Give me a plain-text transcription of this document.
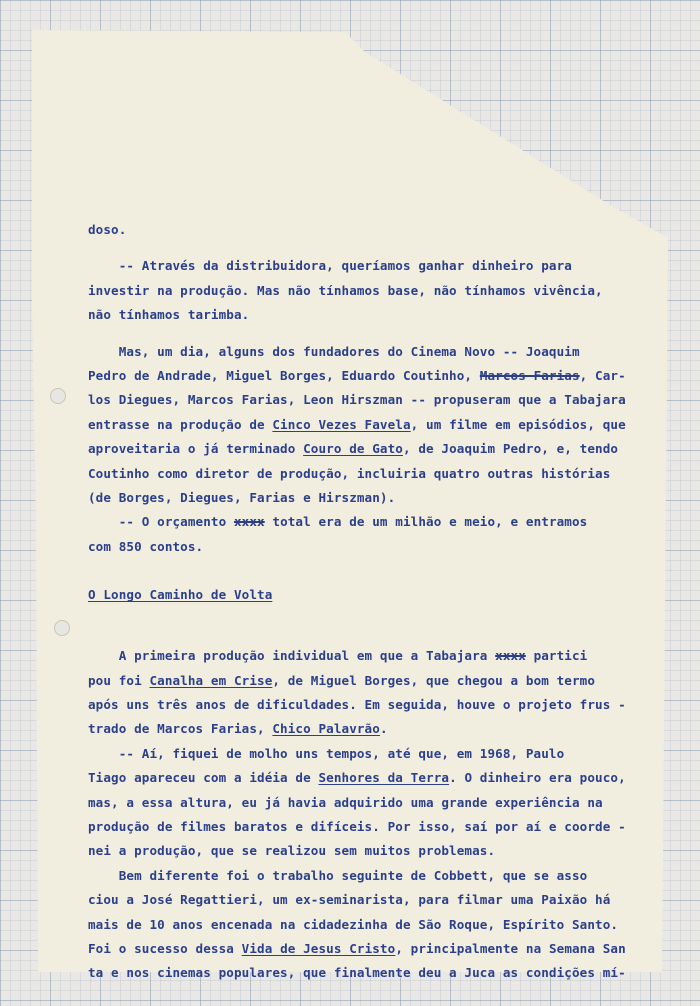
doso.
-- Através da distribuidora, queríamos ganhar dinheiro para
investir na produção. Mas não tínhamos base, não tínhamos vivência,
não tínhamos tarimba.
Mas, um dia, alguns dos fundadores do Cinema Novo -- Joaquim
Pedro de Andrade, Miguel Borges, Eduardo Coutinho, Marcos Farias, Car-
los Diegues, Marcos Farias, Leon Hirszman -- propuseram que a Tabajara
entrasse na produção de Cinco Vezes Favela, um filme em episódios, que
aproveitaria o já terminado Couro de Gato, de Joaquim Pedro, e, tendo
Coutinho como diretor de produção, incluiria quatro outras histórias
(de Borges, Diegues, Farias e Hirszman).
-- O orçamento xxxx total era de um milhão e meio, e entramos
com 850 contos.
O Longo Caminho de Volta
A primeira produção individual em que a Tabajara xxxx partici
pou foi Canalha em Crise, de Miguel Borges, que chegou a bom termo
após uns três anos de dificuldades. Em seguida, houve o projeto frus -
trado de Marcos Farias, Chico Palavrão.
-- Aí, fiquei de molho uns tempos, até que, em 1968, Paulo
Tiago apareceu com a idéia de Senhores da Terra. O dinheiro era pouco,
mas, a essa altura, eu já havia adquirido uma grande experiência na
produção de filmes baratos e difíceis. Por isso, saí por aí e coorde -
nei a produção, que se realizou sem muitos problemas.
Bem diferente foi o trabalho seguinte de Cobbett, que se asso
ciou a José Regattieri, um ex-seminarista, para filmar uma Paixão há
mais de 10 anos encenada na cidadezinha de São Roque, Espírito Santo.
Foi o sucesso dessa Vida de Jesus Cristo, principalmente na Semana San
ta e nos cinemas populares, que finalmente deu a Juca as condições mí-
